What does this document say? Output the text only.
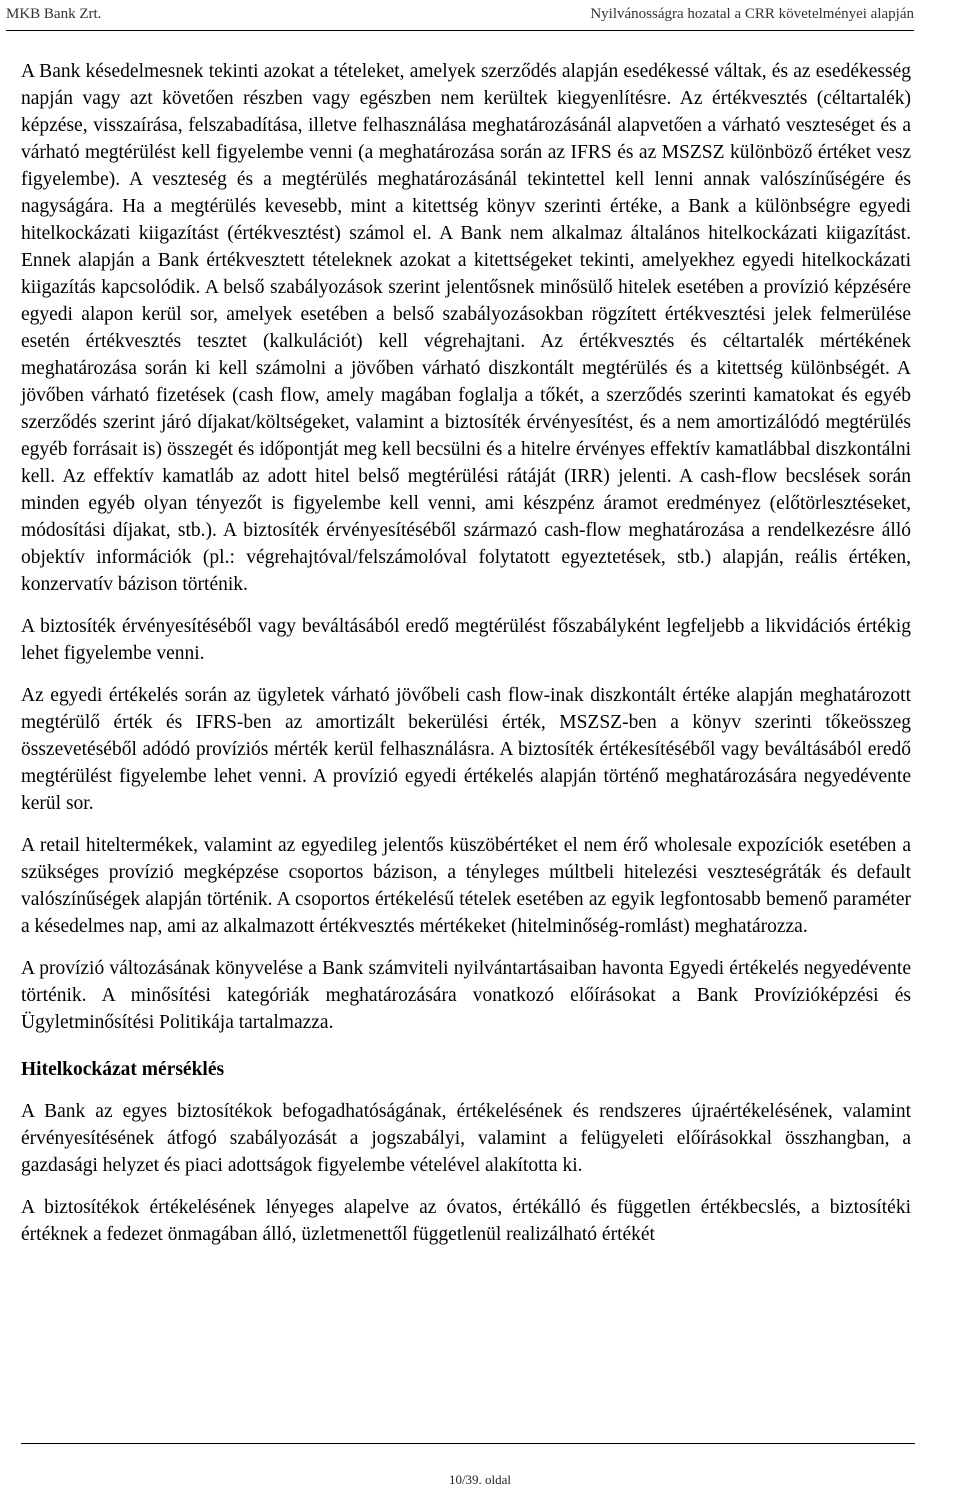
MKB Bank Zrt.	Nyilvánosságra hozatal a CRR követelményei alapján

A Bank késedelmesnek tekinti azokat a tételeket, amelyek szerződés alapján esedékessé váltak, és az esedékesség napján vagy azt követően részben vagy egészben nem kerültek kiegyenlítésre. Az értékvesztés (céltartalék) képzése, visszaírása, felszabadítása, illetve felhasználása meghatározásánál alapvetően a várható veszteséget és a várható megtérülést kell figyelembe venni (a meghatározása során az IFRS és az MSZSZ különböző értéket vesz figyelembe). A veszteség és a megtérülés meghatározásánál tekintettel kell lenni annak valószínűségére és nagyságára. Ha a megtérülés kevesebb, mint a kitettség könyv szerinti értéke, a Bank a különbségre egyedi hitelkockázati kiigazítást (értékvesztést) számol el. A Bank nem alkalmaz általános hitelkockázati kiigazítást. Ennek alapján a Bank értékvesztett tételeknek azokat a kitettségeket tekinti, amelyekhez egyedi hitelkockázati kiigazítás kapcsolódik. A belső szabályozások szerint jelentősnek minősülő hitelek esetében a provízió képzésére egyedi alapon kerül sor, amelyek esetében a belső szabályozásokban rögzített értékvesztési jelek felmerülése esetén értékvesztés tesztet (kalkulációt) kell végrehajtani. Az értékvesztés és céltartalék mértékének meghatározása során ki kell számolni a jövőben várható diszkontált megtérülés és a kitettség különbségét. A jövőben várható fizetések (cash flow, amely magában foglalja a tőkét, a szerződés szerinti kamatokat és egyéb szerződés szerint járó díjakat/költségeket, valamint a biztosíték érvényesítést, és a nem amortizálódó megtérülés egyéb forrásait is) összegét és időpontját meg kell becsülni és a hitelre érvényes effektív kamatlábbal diszkontálni kell. Az effektív kamatláb az adott hitel belső megtérülési rátáját (IRR) jelenti. A cash-flow becslések során minden egyéb olyan tényezőt is figyelembe kell venni, ami készpénz áramot eredményez (előtörlesztéseket, módosítási díjakat, stb.). A biztosíték érvényesítéséből származó cash-flow meghatározása a rendelkezésre álló objektív információk (pl.: végrehajtóval/felszámolóval folytatott egyeztetések, stb.) alapján, reális értéken, konzervatív bázison történik.

A biztosíték érvényesítéséből vagy beváltásából eredő megtérülést főszabályként legfeljebb a likvidációs értékig lehet figyelembe venni.

Az egyedi értékelés során az ügyletek várható jövőbeli cash flow-inak diszkontált értéke alapján meghatározott megtérülő érték és IFRS-ben az amortizált bekerülési érték, MSZSZ-ben a könyv szerinti tőkeösszeg összevetéséből adódó províziós mérték kerül felhasználásra. A biztosíték értékesítéséből vagy beváltásából eredő megtérülést figyelembe lehet venni. A provízió egyedi értékelés alapján történő meghatározására negyedévente kerül sor.

A retail hiteltermékek, valamint az egyedileg jelentős küszöbértéket el nem érő wholesale expozíciók esetében a szükséges provízió megképzése csoportos bázison, a tényleges múltbeli hitelezési veszteségráták és default valószínűségek alapján történik. A csoportos értékelésű tételek esetében az egyik legfontosabb bemenő paraméter a késedelmes nap, ami az alkalmazott értékvesztés mértékeket (hitelminőség-romlást) meghatározza.

A provízió változásának könyvelése a Bank számviteli nyilvántartásaiban havonta Egyedi értékelés negyedévente történik. A minősítési kategóriák meghatározására vonatkozó előírásokat a Bank Provízióképzési és Ügyletminősítési Politikája tartalmazza.

Hitelkockázat mérséklés

A Bank az egyes biztosítékok befogadhatóságának, értékelésének és rendszeres újraértékelésének, valamint érvényesítésének átfogó szabályozását a jogszabályi, valamint a felügyeleti előírásokkal összhangban, a gazdasági helyzet és piaci adottságok figyelembe vételével alakította ki.

A biztosítékok értékelésének lényeges alapelve az óvatos, értékálló és független értékbecslés, a biztosítéki értéknek a fedezet önmagában álló, üzletmenettől függetlenül realizálható értékét

10/39. oldal
